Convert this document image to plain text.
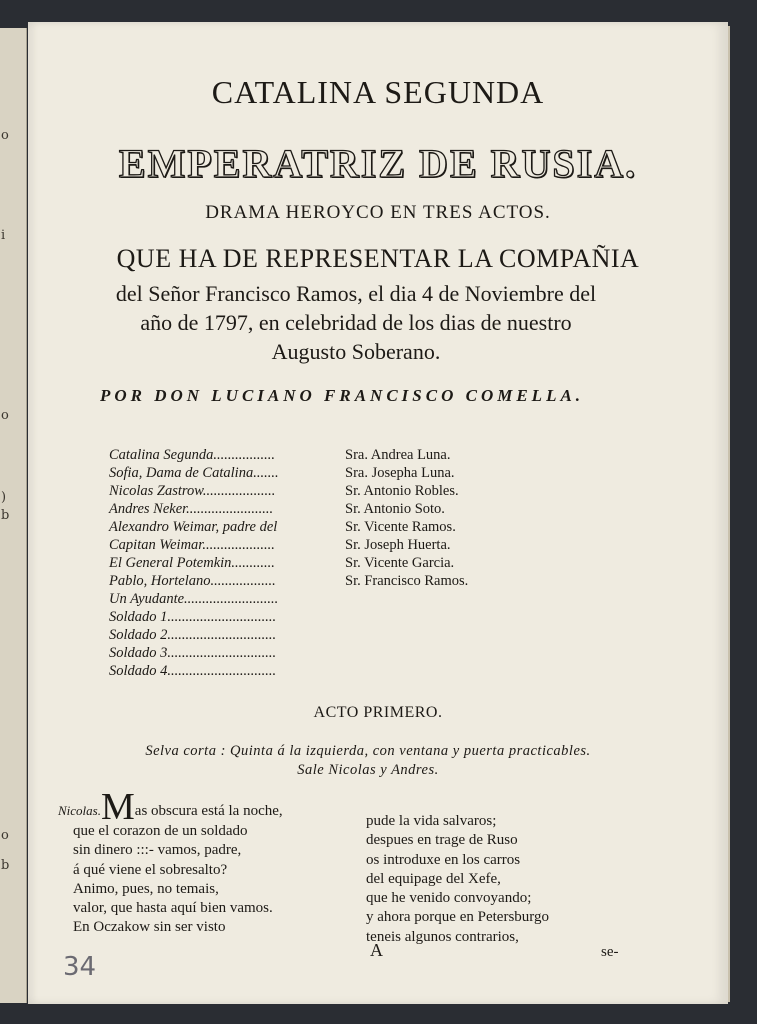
o
i
o
)
b
o
b
CATALINA SEGUNDA
EMPERATRIZ DE RUSIA.
DRAMA HEROYCO EN TRES ACTOS.
QUE HA DE REPRESENTAR LA COMPAÑIA
del Señor Francisco Ramos, el dia 4 de Noviembre del
año de 1797, en celebridad de los dias de nuestro
Augusto Soberano.
POR DON LUCIANO FRANCISCO COMELLA.
Catalina Segunda.................	Sra. Andrea Luna.
Sofia, Dama de Catalina.......	Sra. Josepha Luna.
Nicolas Zastrow....................	Sr. Antonio Robles.
Andres Neker........................	Sr. Antonio Soto.
Alexandro Weimar, padre del	Sr. Vicente Ramos.
Capitan Weimar....................	Sr. Joseph Huerta.
El General Potemkin............	Sr. Vicente Garcia.
Pablo, Hortelano..................	Sr. Francisco Ramos.
Un Ayudante..........................
Soldado 1..............................
Soldado 2..............................
Soldado 3..............................
Soldado 4..............................
ACTO PRIMERO.
Selva corta : Quinta á la izquierda, con ventana y puerta practicables.
Sale Nicolas y Andres.
Nicolas.Mas obscura está la noche,
que el corazon de un soldado
sin dinero :::- vamos, padre,
á qué viene el sobresalto?
Animo, pues, no temais,
valor, que hasta aquí bien vamos.
En Oczakow sin ser visto
pude la vida salvaros;
despues en trage de Ruso
os introduxe en los carros
del equipage del Xefe,
que he venido convoyando;
y ahora porque en Petersburgo
teneis algunos contrarios,
A	se-
34
